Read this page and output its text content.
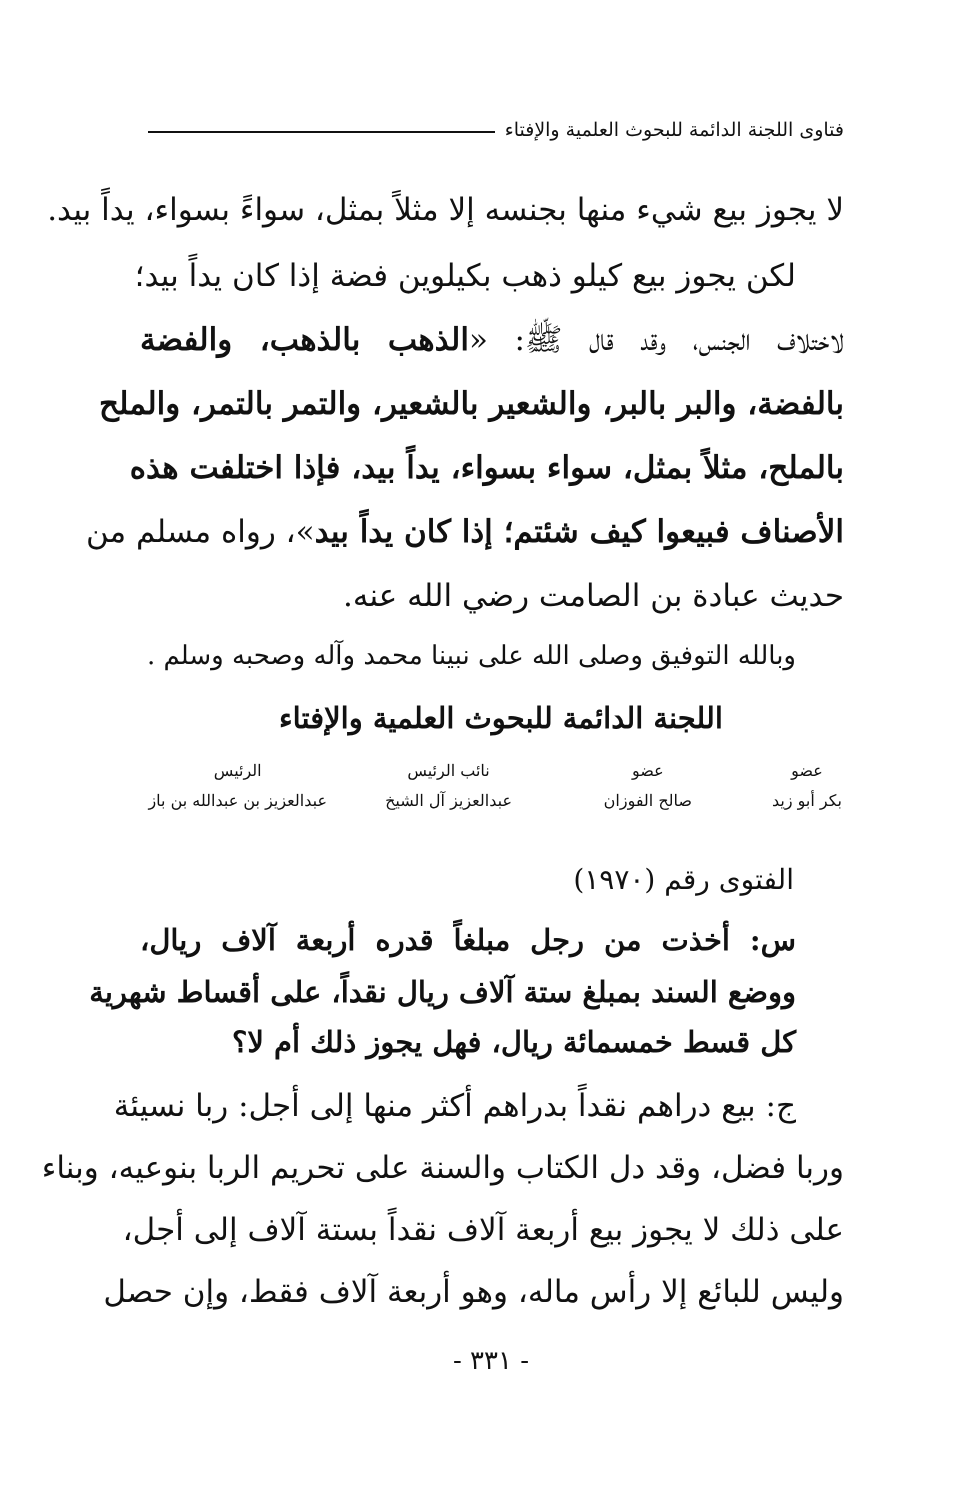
فتاوى اللجنة الدائمة للبحوث العلمية والإفتاء
لا يجوز بيع شيء منها بجنسه إلا مثلاً بمثل، سواءً بسواء، يداً بيد.
لكن يجوز بيع كيلو ذهب بكيلوين فضة إذا كان يداً بيد؛
لاختلاف الجنس، وقد قال ﷺ: «الذهب بالذهب، والفضة
بالفضة، والبر بالبر، والشعير بالشعير، والتمر بالتمر، والملح
بالملح، مثلاً بمثل، سواء بسواء، يداً بيد، فإذا اختلفت هذه
الأصناف فبيعوا كيف شئتم؛ إذا كان يداً بيد»، رواه مسلم من
حديث عبادة بن الصامت رضي الله عنه.
وبالله التوفيق وصلى الله على نبينا محمد وآله وصحبه وسلم .
اللجنة الدائمة للبحوث العلمية والإفتاء
عضو
بكر أبو زيد
عضو
صالح الفوزان
نائب الرئيس
عبدالعزيز آل الشيخ
الرئيس
عبدالعزيز بن عبدالله بن باز
الفتوى رقم (١٩٧٠)
س: أخذت من رجل مبلغاً قدره أربعة آلاف ريال،
ووضع السند بمبلغ ستة آلاف ريال نقداً، على أقساط شهرية
كل قسط خمسمائة ريال، فهل يجوز ذلك أم لا؟
ج: بيع دراهم نقداً بدراهم أكثر منها إلى أجل: ربا نسيئة
وربا فضل، وقد دل الكتاب والسنة على تحريم الربا بنوعيه، وبناء
على ذلك لا يجوز بيع أربعة آلاف نقداً بستة آلاف إلى أجل،
وليس للبائع إلا رأس ماله، وهو أربعة آلاف فقط، وإن حصل
- ٣٣١ -
